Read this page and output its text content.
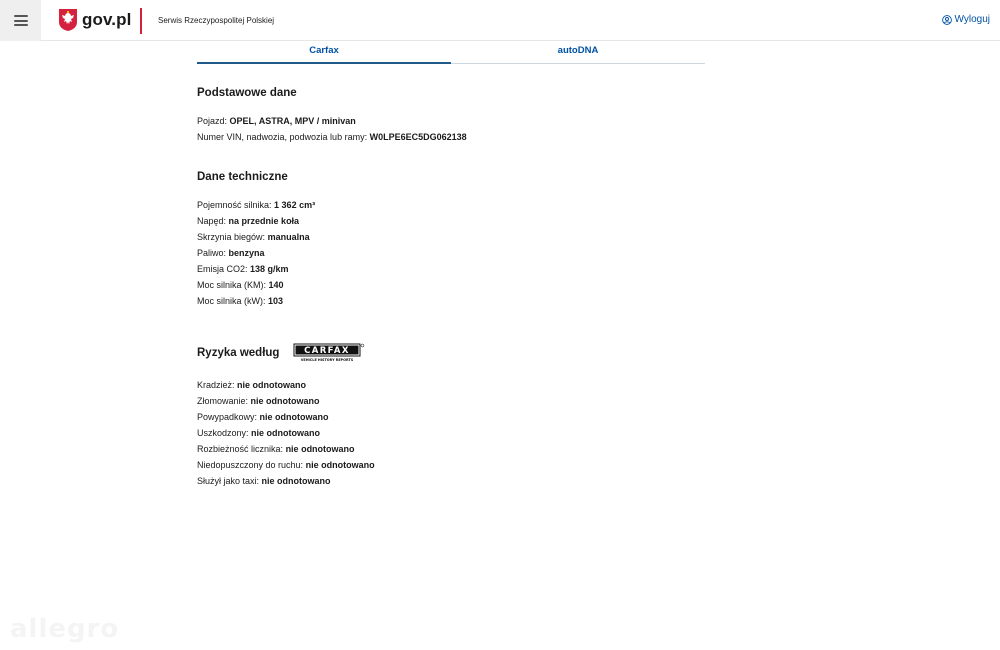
gov.pl	Serwis Rzeczypospolitej Polskiej	Wyloguj
Carfax	autoDNA
Podstawowe dane
Pojazd: OPEL, ASTRA, MPV / minivan
Numer VIN, nadwozia, podwozia lub ramy: W0LPE6EC5DG062138
Dane techniczne
Pojemność silnika: 1 362 cm³
Napęd: na przednie koła
Skrzynia biegów: manualna
Paliwo: benzyna
Emisja CO2: 138 g/km
Moc silnika (KM): 140
Moc silnika (kW): 103
Ryzyka według	CARFAX
VEHICLE HISTORY REPORTS
Kradzież: nie odnotowano
Złomowanie: nie odnotowano
Powypadkowy: nie odnotowano
Uszkodzony: nie odnotowano
Rozbieżność licznika: nie odnotowano
Niedopuszczony do ruchu: nie odnotowano
Służył jako taxi: nie odnotowano
allegro
